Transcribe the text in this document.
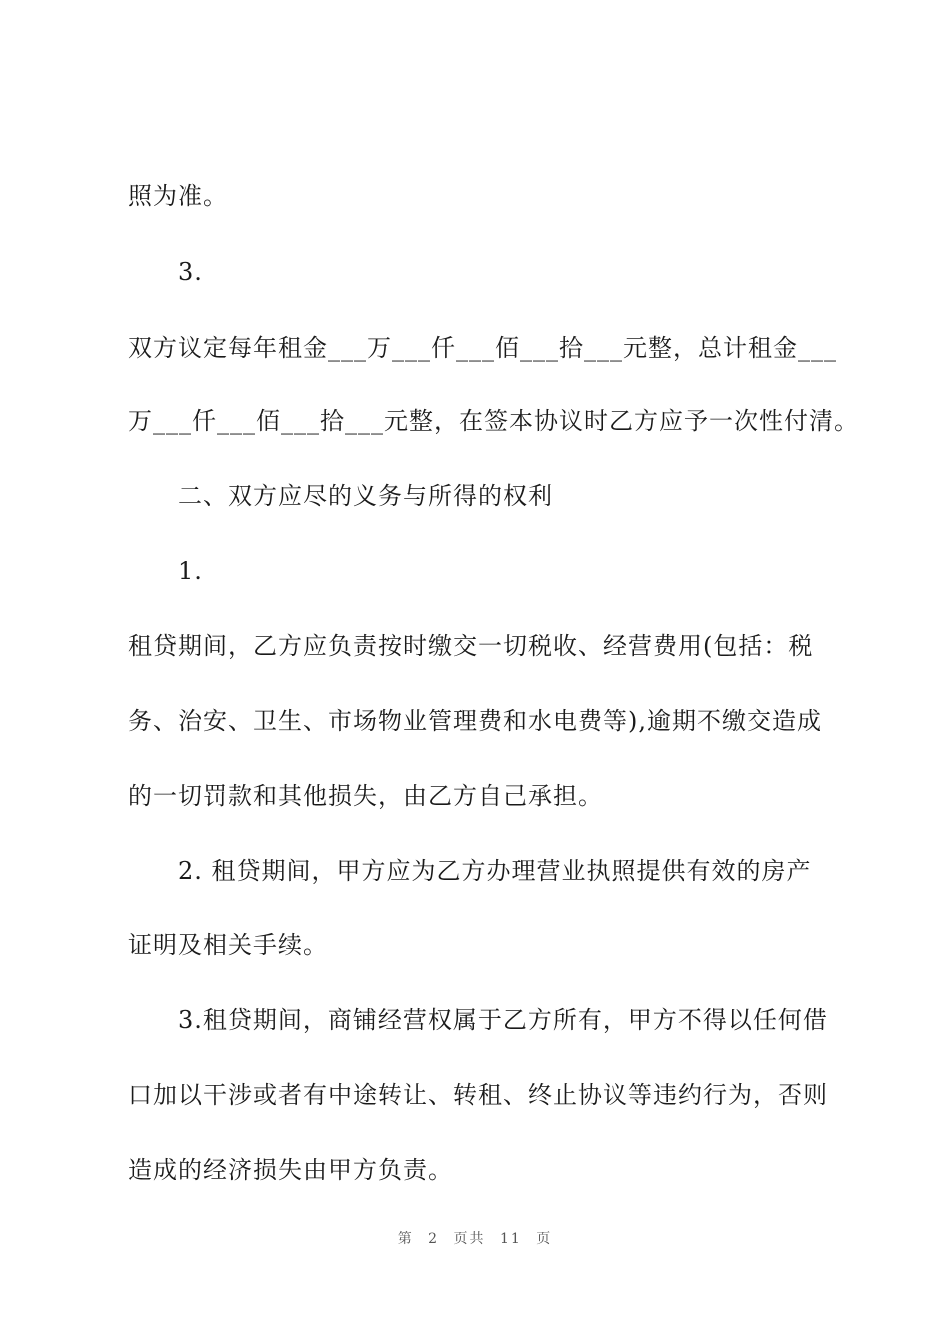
照为准。
3.
双方议定每年租金___万___仟___佰___拾___元整，总计租金___
万___仟___佰___拾___元整，在签本协议时乙方应予一次性付清。
二、双方应尽的义务与所得的权利
1.
租贷期间，乙方应负责按时缴交一切税收、经营费用(包括：税
务、治安、卫生、市场物业管理费和水电费等),逾期不缴交造成
的一切罚款和其他损失，由乙方自己承担。
2. 租贷期间，甲方应为乙方办理营业执照提供有效的房产
证明及相关手续。
3.租贷期间，商铺经营权属于乙方所有，甲方不得以任何借
口加以干涉或者有中途转让、转租、终止协议等违约行为，否则
造成的经济损失由甲方负责。
第 2 页共 11 页
